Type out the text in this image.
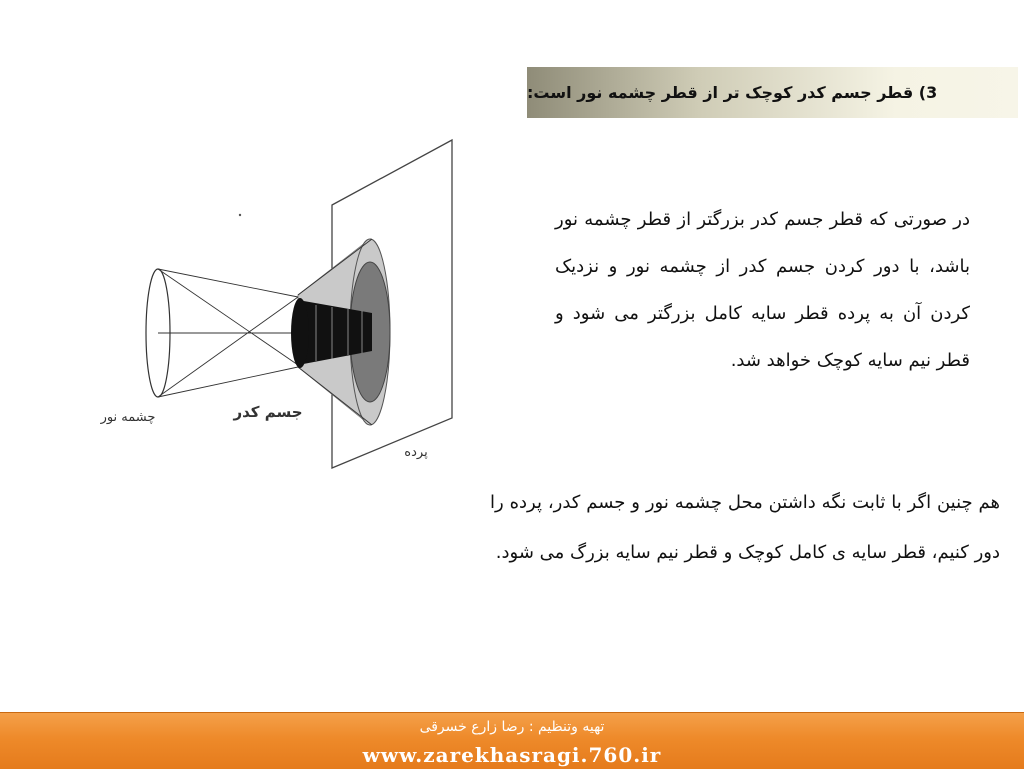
3) قطر جسم کدر کوچک تر از قطر چشمه نور است:
چشمه نور	جسم کدر
پرده
در صورتی که قطر جسم کدر بزرگتر از قطر چشمه نور باشد، با دور کردن جسم کدر از چشمه نور و نزدیک کردن آن به پرده قطر سایه کامل بزرگتر می شود و قطر نیم سایه کوچک خواهد شد.
هم چنین اگر با ثابت نگه داشتن محل چشمه نور و جسم کدر، پرده را دور کنیم، قطر سایه ی کامل کوچک و قطر نیم سایه بزرگ می شود.
تهیه وتنظیم : رضا زارع خسرقی
www.zarekhasragi.760.ir
